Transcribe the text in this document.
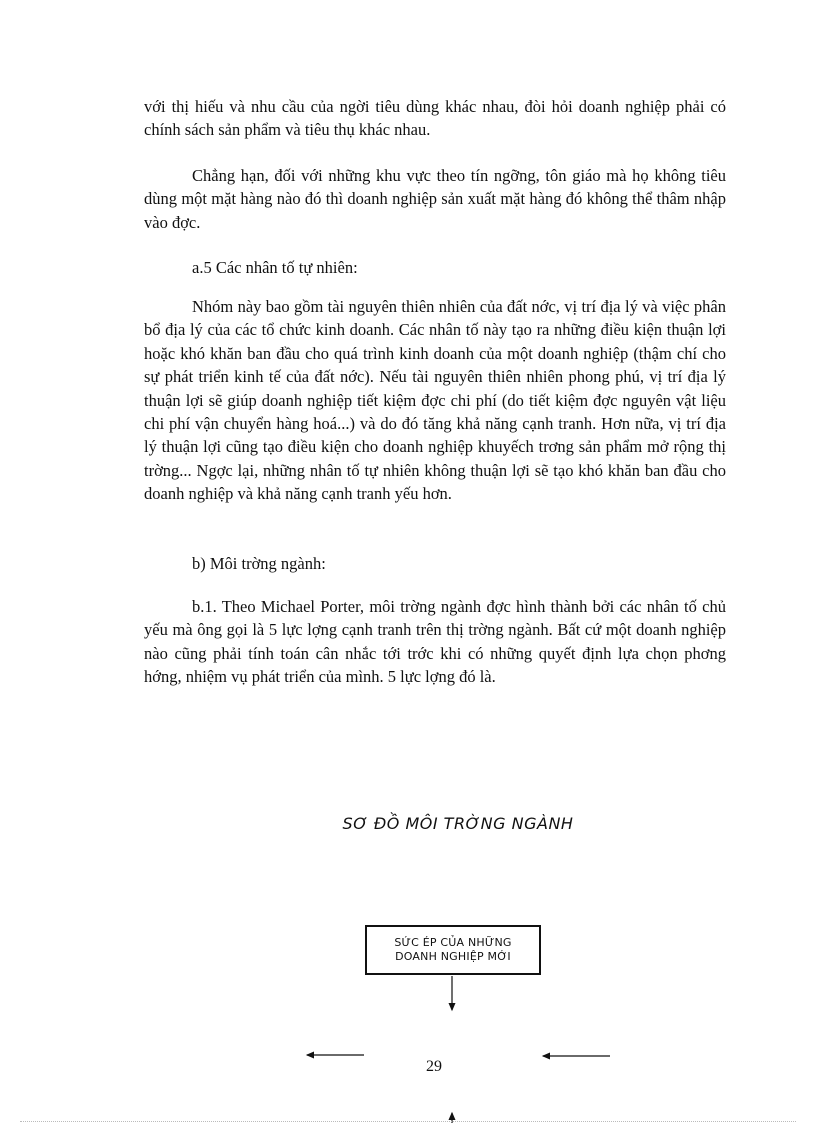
với thị hiếu và nhu cầu của ngời tiêu dùng khác nhau, đòi hỏi doanh nghiệp phải có chính sách sản phẩm và tiêu thụ khác nhau.

Chẳng hạn, đối với những khu vực theo tín ngỡng, tôn giáo mà họ không tiêu dùng một mặt hàng nào đó thì doanh nghiệp sản xuất mặt hàng đó không thể thâm nhập vào đợc.

a.5 Các nhân tố tự nhiên:

Nhóm này bao gồm tài nguyên thiên nhiên của đất nớc, vị trí địa lý và việc phân bổ địa lý của các tổ chức kinh doanh. Các nhân tố này tạo ra những điều kiện thuận lợi hoặc khó khăn ban đầu cho quá trình kinh doanh của một doanh nghiệp (thậm chí cho sự phát triển kinh tế của đất nớc). Nếu tài nguyên thiên nhiên phong phú, vị trí địa lý thuận lợi sẽ giúp doanh nghiệp tiết kiệm đợc chi phí (do tiết kiệm đợc nguyên vật liệu chi phí vận chuyển hàng hoá...) và do đó tăng khả năng cạnh tranh. Hơn nữa, vị trí địa lý thuận lợi cũng tạo điều kiện cho doanh nghiệp khuyếch trơng sản phẩm mở rộng thị trờng... Ngợc lại, những nhân tố tự nhiên không thuận lợi sẽ tạo khó khăn ban đầu cho doanh nghiệp và khả năng cạnh tranh yếu hơn.

b) Môi trờng ngành:

b.1. Theo Michael Porter, môi trờng ngành đợc hình thành bởi các nhân tố chủ yếu mà ông gọi là 5 lực lợng cạnh tranh trên thị trờng ngành. Bất cứ một doanh nghiệp nào cũng phải tính toán cân nhắc tới trớc khi có những quyết định lựa chọn phơng hớng, nhiệm vụ phát triển của mình. 5 lực lợng đó là.

SƠ ĐỒ MÔI TRỜNG NGÀNH
SỨC ÉP CỦA NHỮNG
DOANH NGHIỆP MỚI
29
